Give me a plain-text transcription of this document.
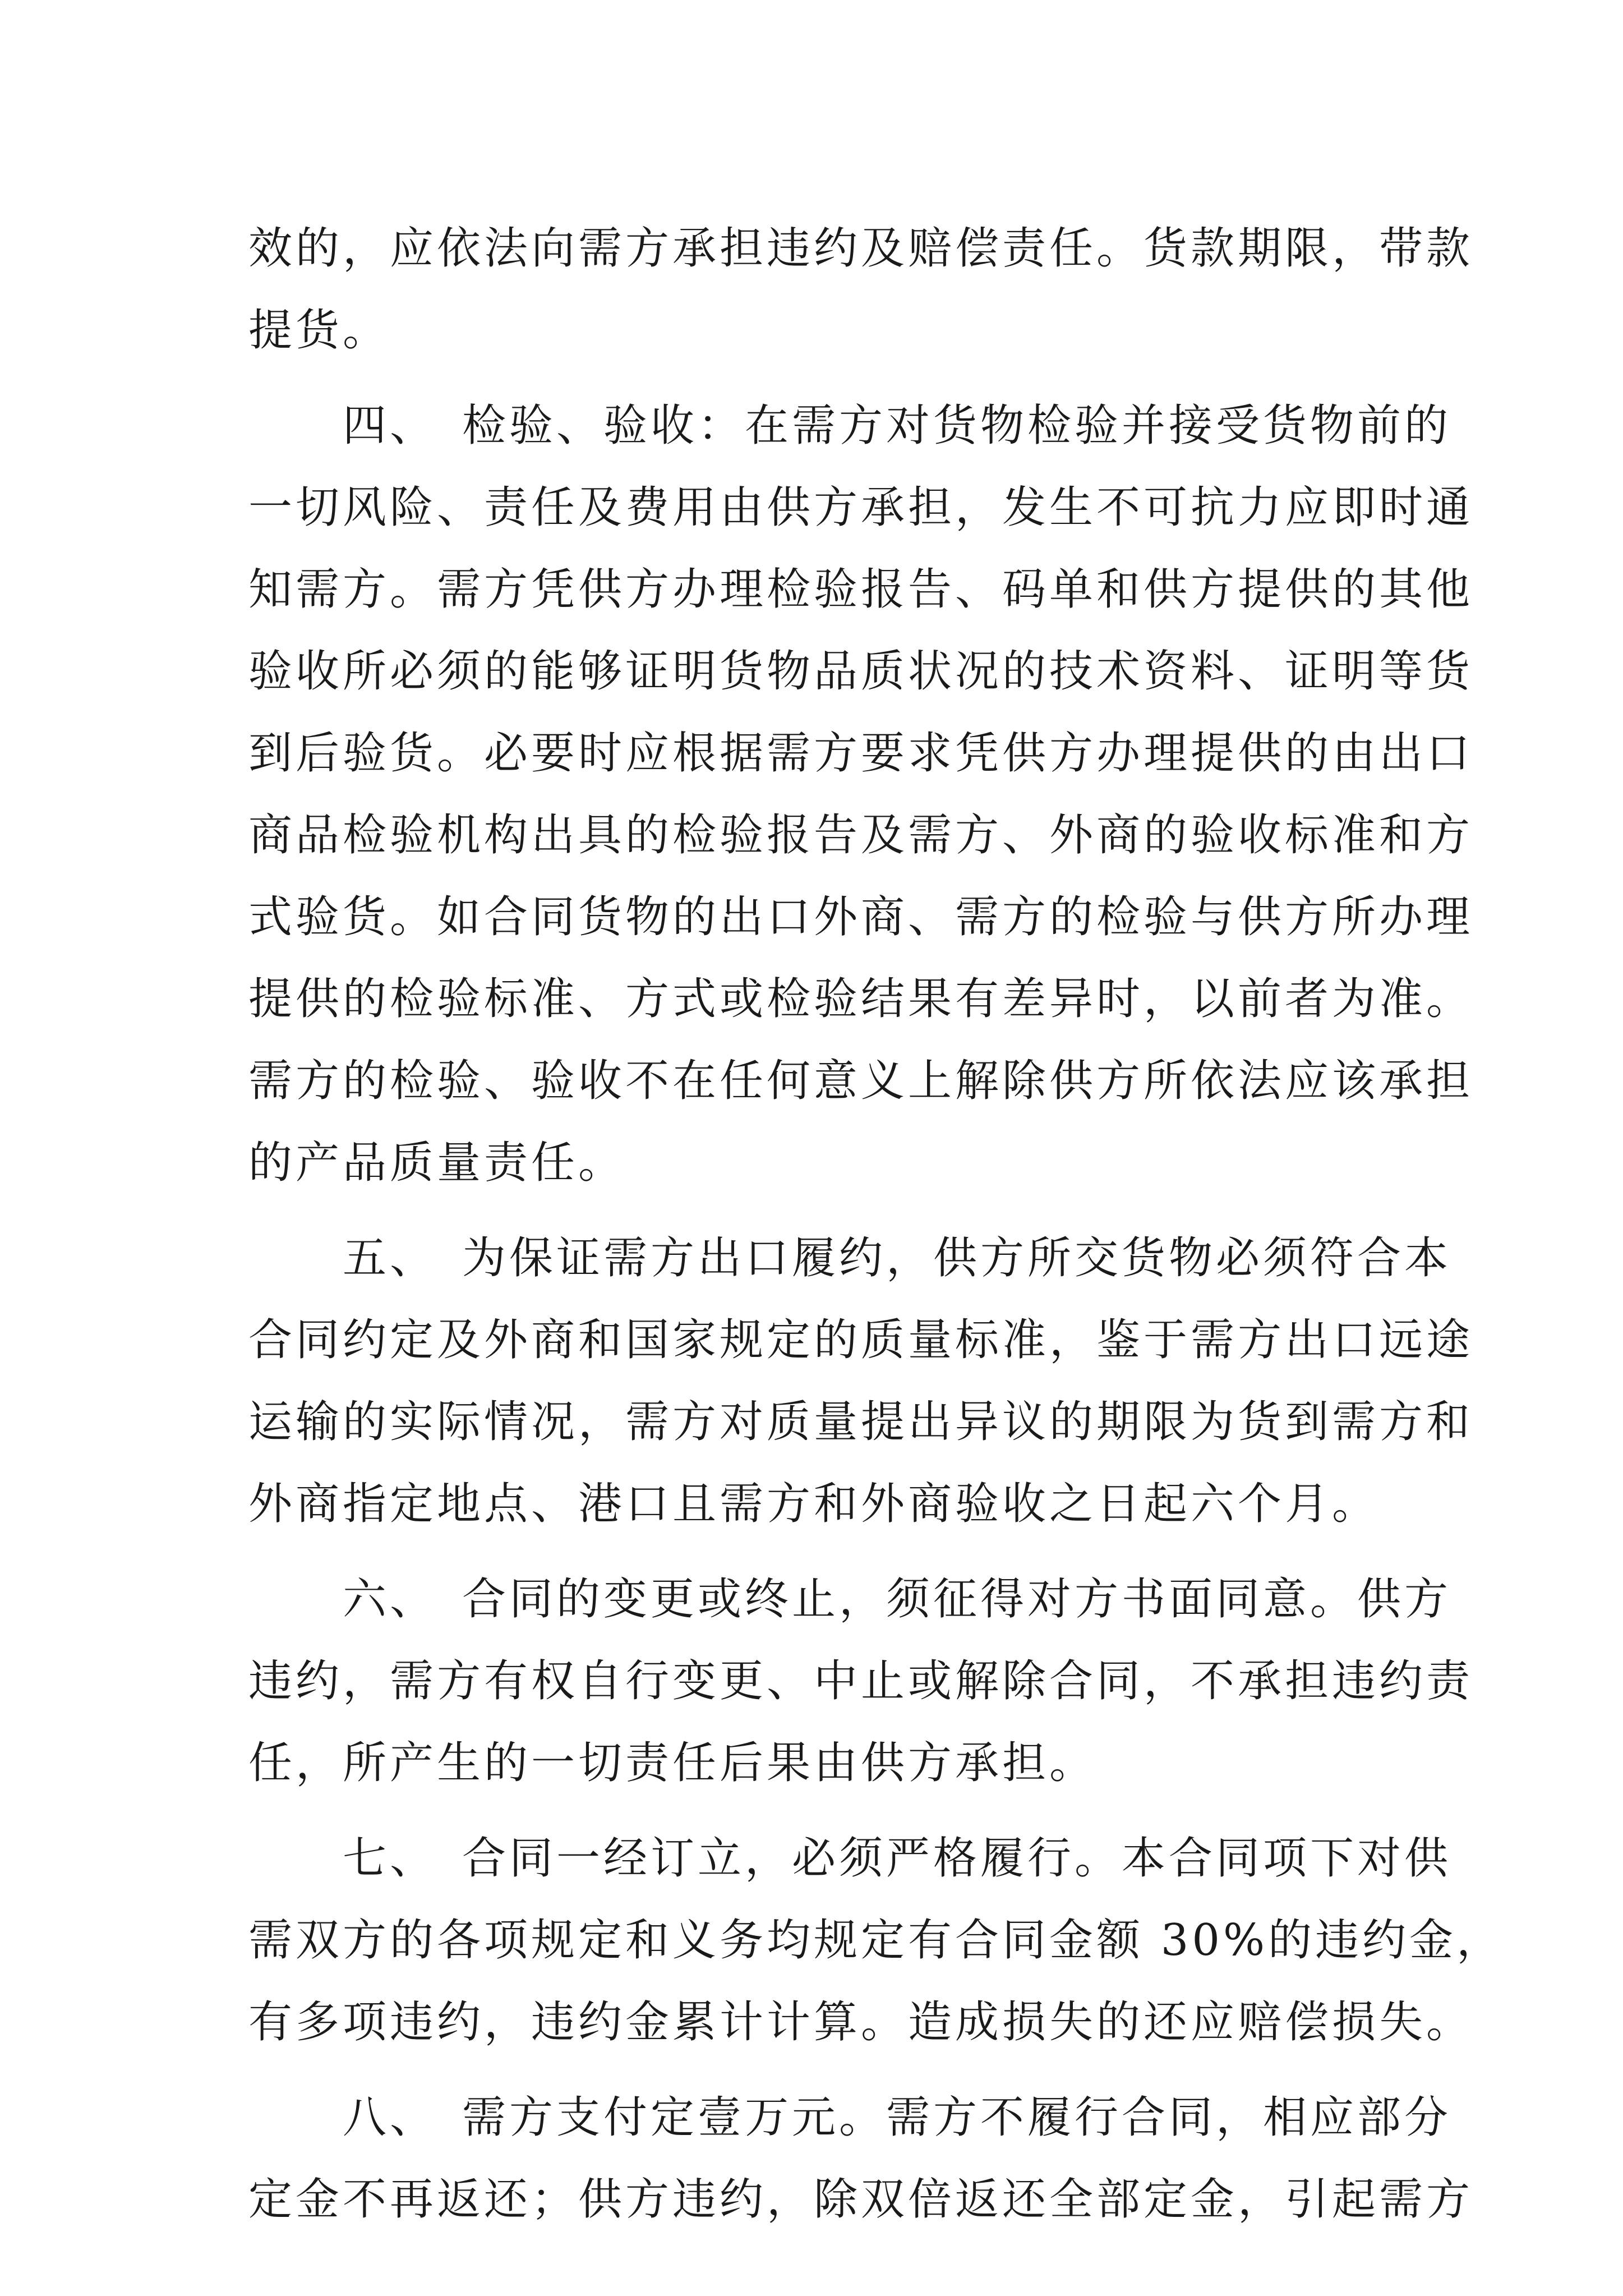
效的，应依法向需方承担违约及赔偿责任。货款期限，带款
提货。
　　四、　检验、验收：在需方对货物检验并接受货物前的
一切风险、责任及费用由供方承担，发生不可抗力应即时通
知需方。需方凭供方办理检验报告、码单和供方提供的其他
验收所必须的能够证明货物品质状况的技术资料、证明等货
到后验货。必要时应根据需方要求凭供方办理提供的由出口
商品检验机构出具的检验报告及需方、外商的验收标准和方
式验货。如合同货物的出口外商、需方的检验与供方所办理
提供的检验标准、方式或检验结果有差异时，以前者为准。
需方的检验、验收不在任何意义上解除供方所依法应该承担
的产品质量责任。
　　五、　为保证需方出口履约，供方所交货物必须符合本
合同约定及外商和国家规定的质量标准，鉴于需方出口远途
运输的实际情况，需方对质量提出异议的期限为货到需方和
外商指定地点、港口且需方和外商验收之日起六个月。
　　六、　合同的变更或终止，须征得对方书面同意。供方
违约，需方有权自行变更、中止或解除合同，不承担违约责
任，所产生的一切责任后果由供方承担。
　　七、　合同一经订立，必须严格履行。本合同项下对供
需双方的各项规定和义务均规定有合同金额 30%的违约金，
有多项违约，违约金累计计算。造成损失的还应赔偿损失。
　　八、　需方支付定壹万元。需方不履行合同，相应部分
定金不再返还；供方违约，除双倍返还全部定金，引起需方
